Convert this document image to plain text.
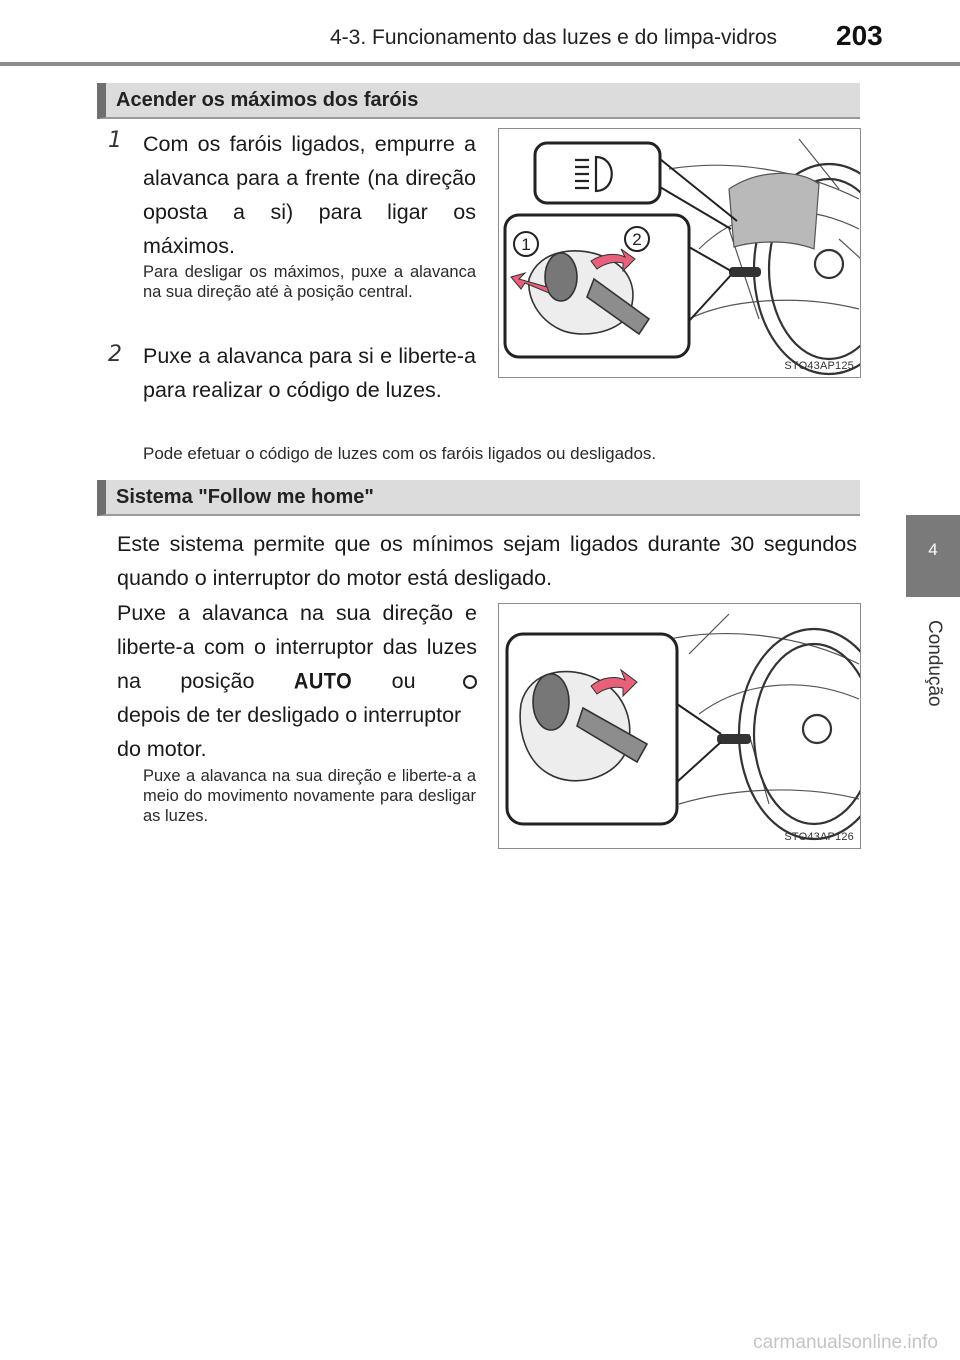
4-3. Funcionamento das luzes e do limpa-vidros 203
4
Condução
Acender os máximos dos faróis
1 Com os faróis ligados, empurre a alavanca para a frente (na direção oposta a si) para ligar os máximos.
Para desligar os máximos, puxe a alavanca na sua direção até à posição central.
2 Puxe a alavanca para si e liberte-a para realizar o código de luzes.
Pode efetuar o código de luzes com os faróis ligados ou desligados.
1	2
STO43AP125
Sistema "Follow me home"
Este sistema permite que os mínimos sejam ligados durante 30 segundos quando o interruptor do motor está desligado.
Puxe a alavanca na sua direção e liberte-a com o interruptor das luzes na posição AUTO ou
depois de ter desligado o interruptor do motor.
Puxe a alavanca na sua direção e liberte-a a meio do movimento novamente para desligar as luzes.
STO43AP126
carmanualsonline.info
